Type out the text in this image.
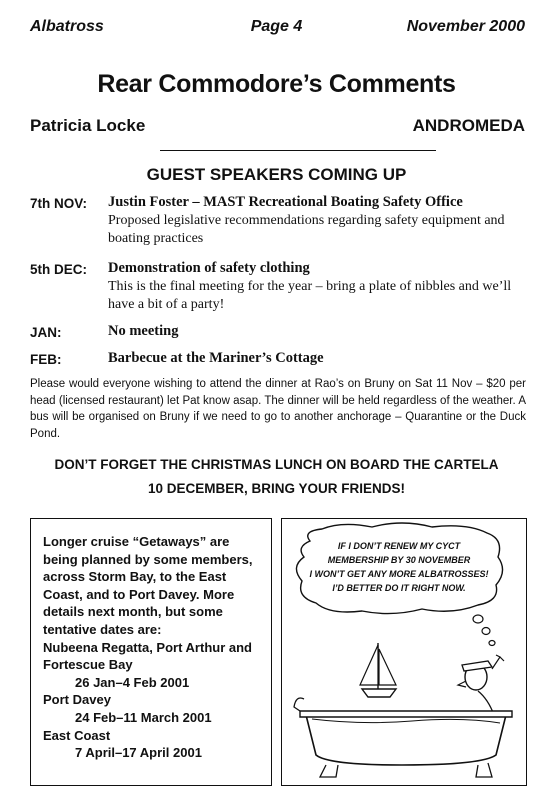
Albatross	Page 4	November 2000
Rear Commodore’s Comments
Patricia Locke	ANDROMEDA
GUEST SPEAKERS COMING UP
7th NOV:	Justin Foster – MAST Recreational Boating Safety Office
Proposed legislative recommendations regarding safety equipment and boating practices
5th DEC:	Demonstration of safety clothing
This is the final meeting for the year – bring a plate of nibbles and we’ll have a bit of a party!
JAN:	No meeting
FEB:	Barbecue at the Mariner’s Cottage
Please would everyone wishing to attend the dinner at Rao’s on Bruny on Sat 11 Nov – $20 per head (licensed restaurant) let Pat know asap. The dinner will be held regardless of the weather. A bus will be organised on Bruny if we need to go to another anchorage – Quarantine or the Duck Pond.
DON’T FORGET THE CHRISTMAS LUNCH ON BOARD THE CARTELA
10 DECEMBER, BRING YOUR FRIENDS!
Longer cruise “Getaways” are being planned by some members, across Storm Bay, to the East Coast, and to Port Davey. More details next month, but some tentative dates are:
Nubeena Regatta, Port Arthur and Fortescue Bay
26 Jan–4 Feb 2001
Port Davey
24 Feb–11 March 2001
East Coast
7 April–17 April 2001
IF I DON’T RENEW MY CYCT
MEMBERSHIP BY 30 NOVEMBER
I WON’T GET ANY MORE ALBATROSSES!
I’D BETTER DO IT RIGHT NOW.
